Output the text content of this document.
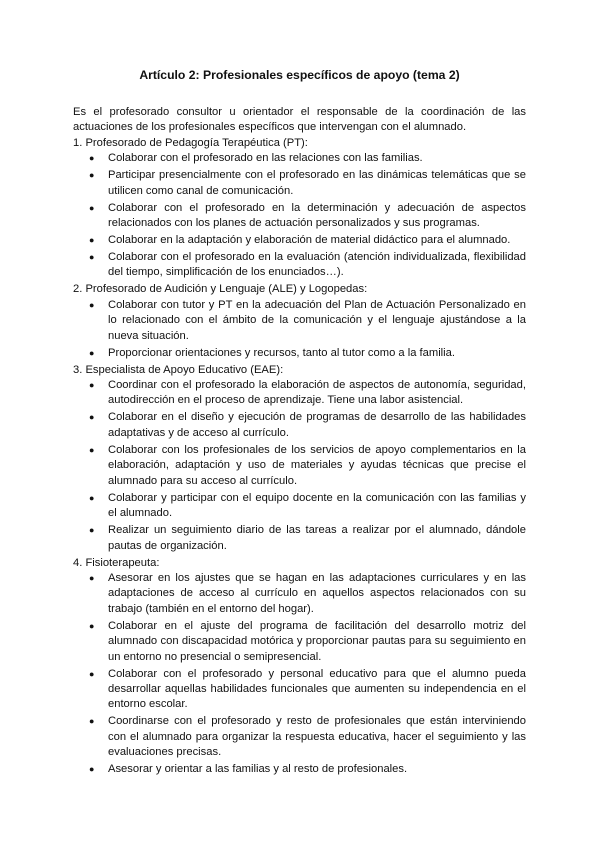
Artículo 2: Profesionales específicos de apoyo (tema 2)

Es el profesorado consultor u orientador el responsable de la coordinación de las actuaciones de los profesionales específicos que intervengan con el alumnado.

1. Profesorado de Pedagogía Terapéutica (PT):

● Colaborar con el profesorado en las relaciones con las familias.
● Participar presencialmente con el profesorado en las dinámicas telemáticas que se utilicen como canal de comunicación.
● Colaborar con el profesorado en la determinación y adecuación de aspectos relacionados con los planes de actuación personalizados y sus programas.
● Colaborar en la adaptación y elaboración de material didáctico para el alumnado.
● Colaborar con el profesorado en la evaluación (atención individualizada, flexibilidad del tiempo, simplificación de los enunciados…).

2. Profesorado de Audición y Lenguaje (ALE) y Logopedas:

● Colaborar con tutor y PT en la adecuación del Plan de Actuación Personalizado en lo relacionado con el ámbito de la comunicación y el lenguaje ajustándose a la nueva situación.
● Proporcionar orientaciones y recursos, tanto al tutor como a la familia.

3. Especialista de Apoyo Educativo (EAE):

● Coordinar con el profesorado la elaboración de aspectos de autonomía, seguridad, autodirección en el proceso de aprendizaje. Tiene una labor asistencial.
● Colaborar en el diseño y ejecución de programas de desarrollo de las habilidades adaptativas y de acceso al currículo.
● Colaborar con los profesionales de los servicios de apoyo complementarios en la elaboración, adaptación y uso de materiales y ayudas técnicas que precise el alumnado para su acceso al currículo.
● Colaborar y participar con el equipo docente en la comunicación con las familias y el alumnado.
● Realizar un seguimiento diario de las tareas a realizar por el alumnado, dándole pautas de organización.

4. Fisioterapeuta:

● Asesorar en los ajustes que se hagan en las adaptaciones curriculares y en las adaptaciones de acceso al currículo en aquellos aspectos relacionados con su trabajo (también en el entorno del hogar).
● Colaborar en el ajuste del programa de facilitación del desarrollo motriz del alumnado con discapacidad motórica y proporcionar pautas para su seguimiento en un entorno no presencial o semipresencial.
● Colaborar con el profesorado y personal educativo para que el alumno pueda desarrollar aquellas habilidades funcionales que aumenten su independencia en el entorno escolar.
● Coordinarse con el profesorado y resto de profesionales que están interviniendo con el alumnado para organizar la respuesta educativa, hacer el seguimiento y las evaluaciones precisas.
● Asesorar y orientar a las familias y al resto de profesionales.
